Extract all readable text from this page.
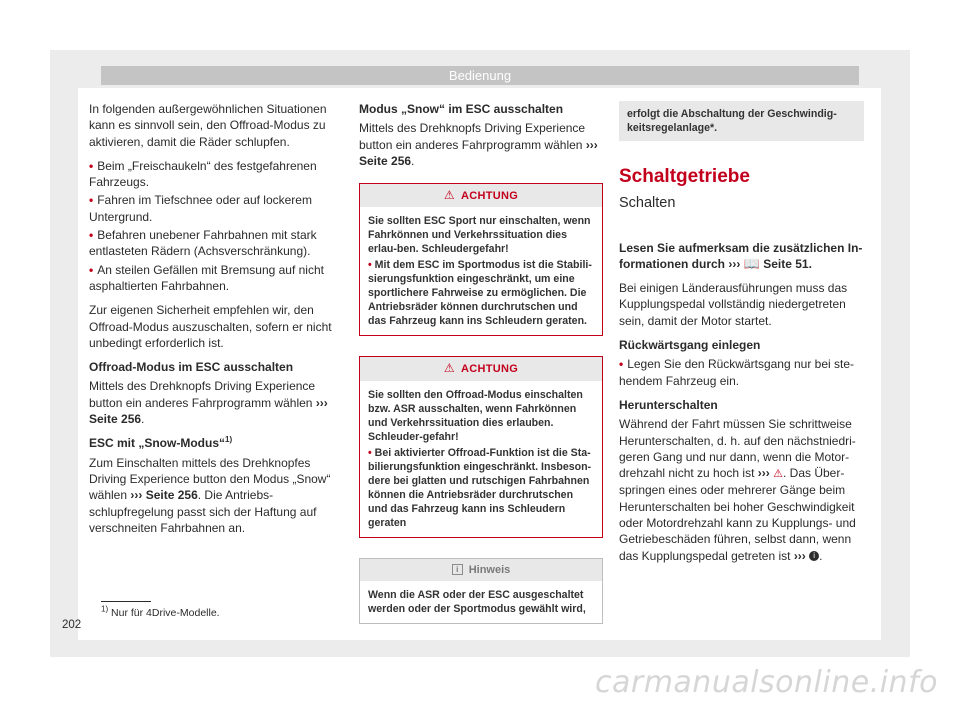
Bedienung

In folgenden außergewöhnlichen Situationen kann es sinnvoll sein, den Offroad-Modus zu aktivieren, damit die Räder schlupfen.

• Beim „Freischaukeln“ des festgefahrenen Fahrzeugs.
• Fahren im Tiefschnee oder auf lockerem Untergrund.
• Befahren unebener Fahrbahnen mit stark entlasteten Rädern (Achsverschränkung).
• An steilen Gefällen mit Bremsung auf nicht asphaltierten Fahrbahnen.

Zur eigenen Sicherheit empfehlen wir, den Offroad-Modus auszuschalten, sofern er nicht unbedingt erforderlich ist.

Offroad-Modus im ESC ausschalten

Mittels des Drehknopfs Driving Experience button ein anderes Fahrprogramm wählen ››› Seite 256.

ESC mit „Snow-Modus“$^{1)}$

Zum Einschalten mittels des Drehknopfes Driving Experience button den Modus „Snow“ wählen ››› Seite 256. Die Antriebs-schlupfregelung passt sich der Haftung auf verschneiten Fahrbahnen an.

Modus „Snow“ im ESC ausschalten

Mittels des Drehknopfs Driving Experience button ein anderes Fahrprogramm wählen ››› Seite 256.

⚠ ACHTUNG
Sie sollten ESC Sport nur einschalten, wenn Fahrkönnen und Verkehrssituation dies erlau-ben. Schleudergefahr!
• Mit dem ESC im Sportmodus ist die Stabili-sierungsfunktion eingeschränkt, um eine sportlichere Fahrweise zu ermöglichen. Die Antriebsräder können durchrutschen und das Fahrzeug kann ins Schleudern geraten.
⚠ ACHTUNG
Sie sollten den Offroad-Modus einschalten bzw. ASR ausschalten, wenn Fahrkönnen und Verkehrssituation dies erlauben. Schleuder-gefahr!
• Bei aktivierter Offroad-Funktion ist die Sta-bilierungsfunktion eingeschränkt. Insbeson-dere bei glatten und rutschigen Fahrbahnen können die Antriebsräder durchrutschen und das Fahrzeug kann ins Schleudern geraten
i Hinweis
Wenn die ASR oder der ESC ausgeschaltet werden oder der Sportmodus gewählt wird,
erfolgt die Abschaltung der Geschwindig-keitsregelanlage*.
Schaltgetriebe
Schalten

Lesen Sie aufmerksam die zusätzlichen In-formationen durch ››› 📖 Seite 51.

Bei einigen Länderausführungen muss das Kupplungspedal vollständig niedergetreten sein, damit der Motor startet.

Rückwärtsgang einlegen

• Legen Sie den Rückwärtsgang nur bei ste-hendem Fahrzeug ein.

Herunterschalten

Während der Fahrt müssen Sie schrittweise Herunterschalten, d. h. auf den nächstniedri-geren Gang und nur dann, wenn die Motor-drehzahl nicht zu hoch ist ››› ⚠. Das Über-springen eines oder mehrerer Gänge beim Herunterschalten bei hoher Geschwindigkeit oder Motordrehzahl kann zu Kupplungs- und Getriebeschäden führen, selbst dann, wenn das Kupplungspedal getreten ist ››› i .

$^{1)}$ Nur für 4Drive-Modelle.
202
carmanualsonline.info
